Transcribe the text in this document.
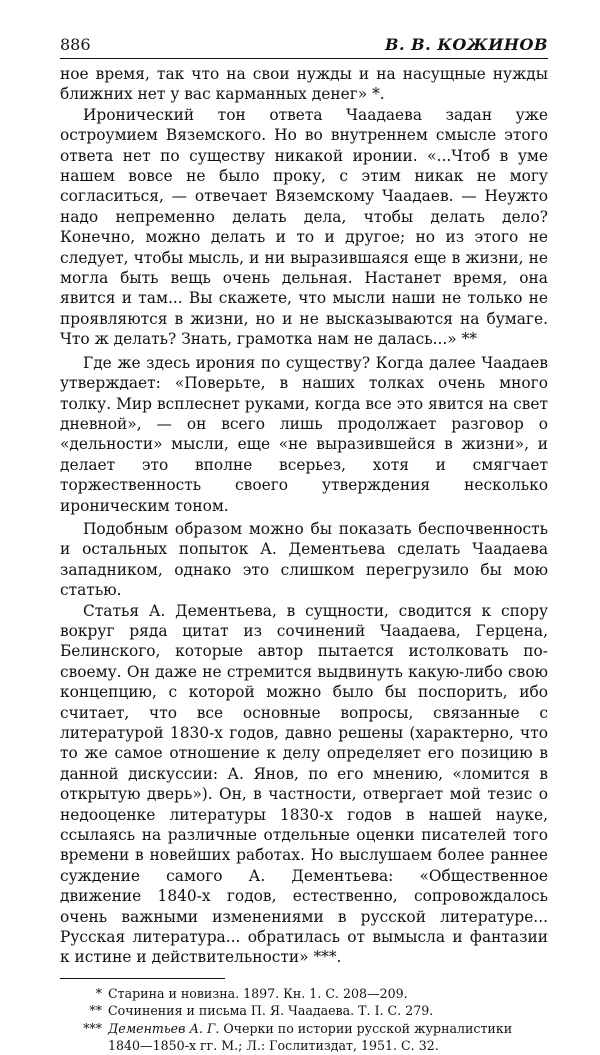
886	В. В. КОЖИНОВ

ное время, так что на свои нужды и на насущные нужды ближних нет у вас карманных денег» *.

Иронический тон ответа Чаадаева задан уже остроумием Вяземского. Но во внутреннем смысле этого ответа нет по существу никакой иронии. «...Чтоб в уме нашем вовсе не было проку, с этим никак не могу согласиться, — отвечает Вяземскому Чаадаев. — Неужто надо непременно делать дела, чтобы делать дело? Конечно, можно делать и то и другое; но из этого не следует, чтобы мысль, и ни выразившаяся еще в жизни, не могла быть вещь очень дельная. Настанет время, она явится и там... Вы скажете, что мысли наши не только не проявляются в жизни, но и не высказываются на бумаге. Что ж делать? Знать, грамотка нам не далась...» **

Где же здесь ирония по существу? Когда далее Чаадаев утверждает: «Поверьте, в наших толках очень много толку. Мир всплеснет руками, когда все это явится на свет дневной», — он всего лишь продолжает разговор о «дельности» мысли, еще «не выразившейся в жизни», и делает это вполне всерьез, хотя и смягчает торжественность своего утверждения несколько ироническим тоном.

Подобным образом можно бы показать беспочвенность и остальных попыток А. Дементьева сделать Чаадаева западником, однако это слишком перегрузило бы мою статью.

Статья А. Дементьева, в сущности, сводится к спору вокруг ряда цитат из сочинений Чаадаева, Герцена, Белинского, которые автор пытается истолковать по-своему. Он даже не стремится выдвинуть какую-либо свою концепцию, с которой можно было бы поспорить, ибо считает, что все основные вопросы, связанные с литературой 1830-х годов, давно решены (характерно, что то же самое отношение к делу определяет его позицию в данной дискуссии: А. Янов, по его мнению, «ломится в открытую дверь»). Он, в частности, отвергает мой тезис о недооценке литературы 1830-х годов в нашей науке, ссылаясь на различные отдельные оценки писателей того времени в новейших работах. Но выслушаем более раннее суждение самого А. Дементьева: «Общественное движение 1840-х годов, естественно, сопровождалось очень важными изменениями в русской литературе... Русская литература... обратилась от вымысла и фантазии к истине и действительности» ***.

* Старина и новизна. 1897. Кн. 1. С. 208—209.
** Сочинения и письма П. Я. Чаадаева. Т. I. С. 279.
*** Дементьев А. Г. Очерки по истории русской журналистики 1840—1850-х гг. М.; Л.: Гослитиздат, 1951. С. 32.
